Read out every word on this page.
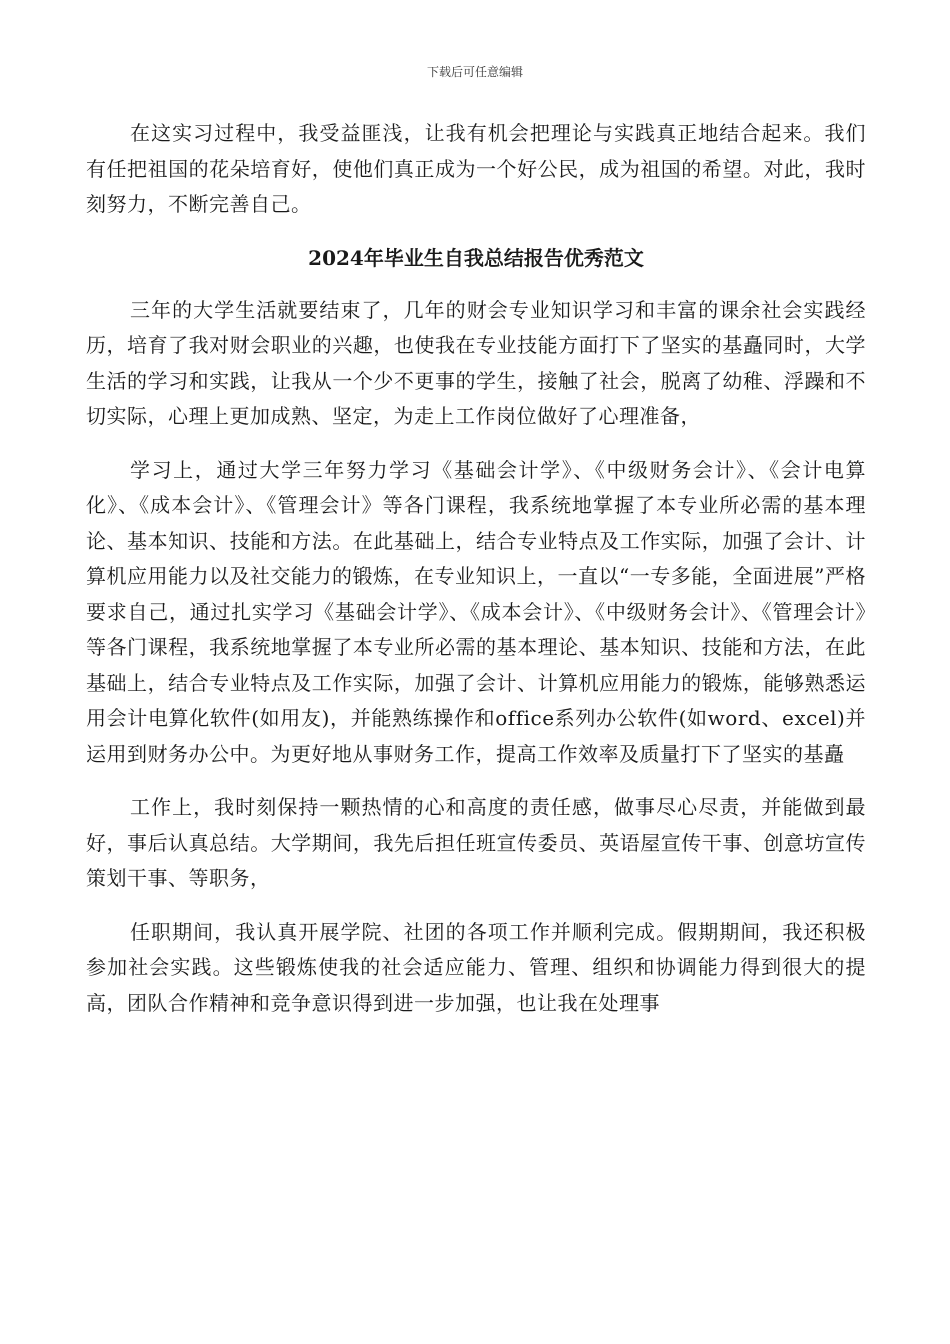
下载后可任意编辑

在这实习过程中，我受益匪浅，让我有机会把理论与实践真正地结合起来。我们有任把祖国的花朵培育好，使他们真正成为一个好公民，成为祖国的希望。对此，我时刻努力，不断完善自己。

2024年毕业生自我总结报告优秀范文

三年的大学生活就要结束了，几年的财会专业知识学习和丰富的课余社会实践经历，培育了我对财会职业的兴趣，也使我在专业技能方面打下了坚实的基矗同时，大学生活的学习和实践，让我从一个少不更事的学生，接触了社会，脱离了幼稚、浮躁和不切实际，心理上更加成熟、坚定，为走上工作岗位做好了心理准备，

学习上，通过大学三年努力学习《基础会计学》、《中级财务会计》、《会计电算化》、《成本会计》、《管理会计》等各门课程，我系统地掌握了本专业所必需的基本理论、基本知识、技能和方法。在此基础上，结合专业特点及工作实际，加强了会计、计算机应用能力以及社交能力的锻炼，在专业知识上，一直以“一专多能，全面进展”严格要求自己，通过扎实学习《基础会计学》、《成本会计》、《中级财务会计》、《管理会计》等各门课程，我系统地掌握了本专业所必需的基本理论、基本知识、技能和方法，在此基础上，结合专业特点及工作实际，加强了会计、计算机应用能力的锻炼，能够熟悉运用会计电算化软件(如用友)，并能熟练操作和office系列办公软件(如word、excel)并运用到财务办公中。为更好地从事财务工作，提高工作效率及质量打下了坚实的基矗

工作上，我时刻保持一颗热情的心和高度的责任感，做事尽心尽责，并能做到最好，事后认真总结。大学期间，我先后担任班宣传委员、英语屋宣传干事、创意坊宣传策划干事、等职务，

任职期间，我认真开展学院、社团的各项工作并顺利完成。假期期间，我还积极参加社会实践。这些锻炼使我的社会适应能力、管理、组织和协调能力得到很大的提高，团队合作精神和竞争意识得到进一步加强，也让我在处理事
